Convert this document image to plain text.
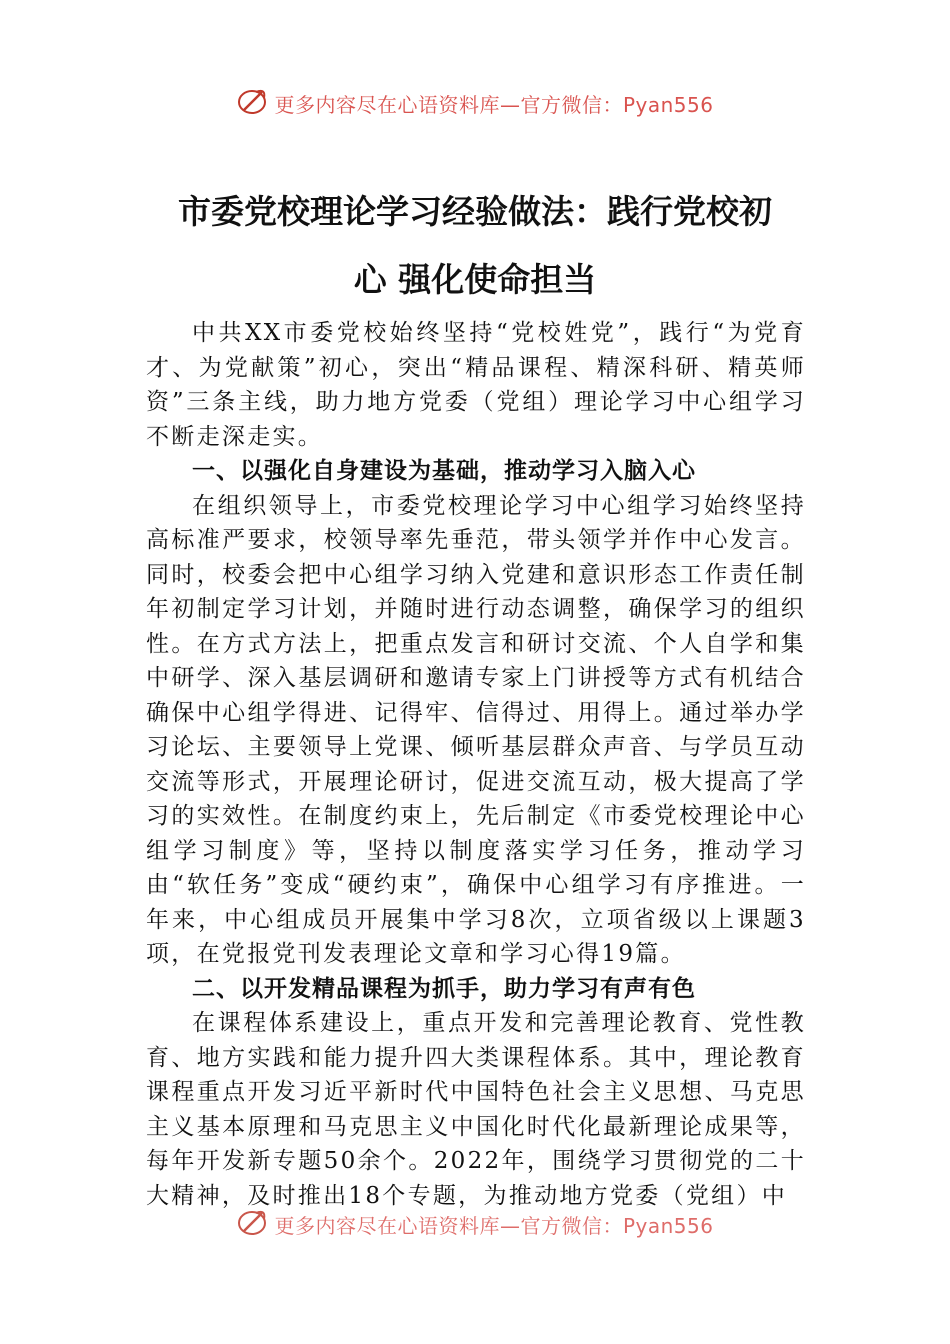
更多内容尽在心语资料库—官方微信：Pyan556
市委党校理论学习经验做法：践行党校初
心 强化使命担当

中共XX市委党校始终坚持“党校姓党”，践行“为党育才、为党献策”初心，突出“精品课程、精深科研、精英师资”三条主线，助力地方党委（党组）理论学习中心组学习不断走深走实。

一、以强化自身建设为基础，推动学习入脑入心

在组织领导上，市委党校理论学习中心组学习始终坚持高标准严要求，校领导率先垂范，带头领学并作中心发言。同时，校委会把中心组学习纳入党建和意识形态工作责任制年初制定学习计划，并随时进行动态调整，确保学习的组织性。在方式方法上，把重点发言和研讨交流、个人自学和集中研学、深入基层调研和邀请专家上门讲授等方式有机结合确保中心组学得进、记得牢、信得过、用得上。通过举办学习论坛、主要领导上党课、倾听基层群众声音、与学员互动交流等形式，开展理论研讨，促进交流互动，极大提高了学习的实效性。在制度约束上，先后制定《市委党校理论中心组学习制度》等，坚持以制度落实学习任务，推动学习由“软任务”变成“硬约束”，确保中心组学习有序推进。一年来，中心组成员开展集中学习8次，立项省级以上课题3项，在党报党刊发表理论文章和学习心得19篇。

二、以开发精品课程为抓手，助力学习有声有色

在课程体系建设上，重点开发和完善理论教育、党性教育、地方实践和能力提升四大类课程体系。其中，理论教育课程重点开发习近平新时代中国特色社会主义思想、马克思主义基本原理和马克思主义中国化时代化最新理论成果等，每年开发新专题50余个。2022年，围绕学习贯彻党的二十大精神，及时推出18个专题，为推动地方党委（党组）中

更多内容尽在心语资料库—官方微信：Pyan556
